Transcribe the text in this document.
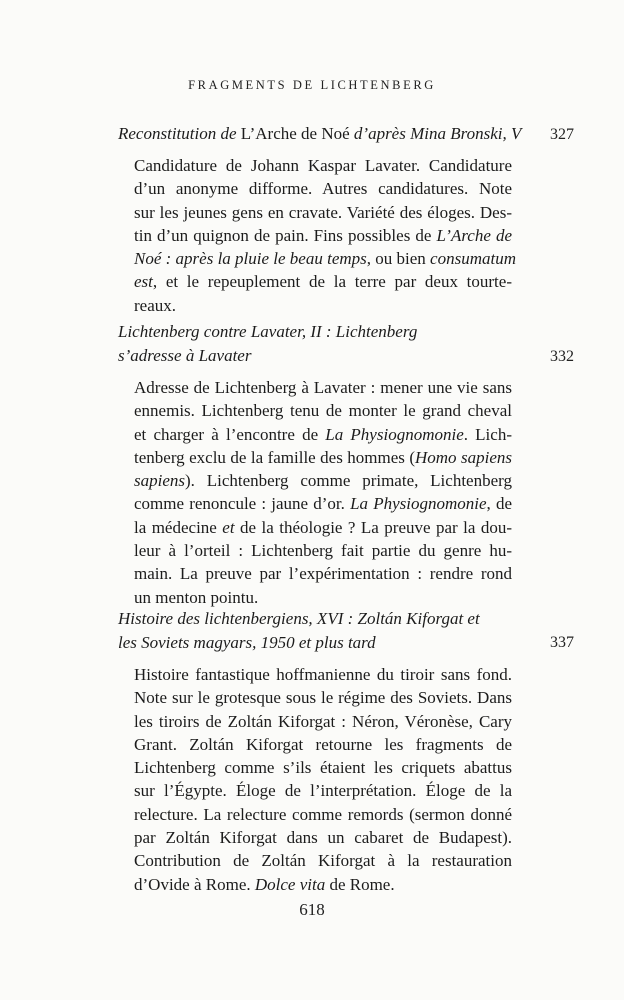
FRAGMENTS DE LICHTENBERG
Reconstitution de L’Arche de Noé d’après Mina Bronski, V
Candidature de Johann Kaspar Lavater. Candidature
d’un anonyme difforme. Autres candidatures. Note
sur les jeunes gens en cravate. Variété des éloges. Des-
tin d’un quignon de pain. Fins possibles de L’Arche de
Noé : après la pluie le beau temps, ou bien consumatum
est, et le repeuplement de la terre par deux tourte-
reaux.
327
Lichtenberg contre Lavater, II : Lichtenberg
s’adresse à Lavater
Adresse de Lichtenberg à Lavater : mener une vie sans
ennemis. Lichtenberg tenu de monter le grand cheval
et charger à l’encontre de La Physiognomonie. Lich-
tenberg exclu de la famille des hommes (Homo sapiens
sapiens). Lichtenberg comme primate, Lichtenberg
comme renoncule : jaune d’or. La Physiognomonie, de
la médecine et de la théologie ? La preuve par la dou-
leur à l’orteil : Lichtenberg fait partie du genre hu-
main. La preuve par l’expérimentation : rendre rond
un menton pointu.
332
Histoire des lichtenbergiens, XVI : Zoltán Kiforgat et
les Soviets magyars, 1950 et plus tard
Histoire fantastique hoffmanienne du tiroir sans fond.
Note sur le grotesque sous le régime des Soviets. Dans
les tiroirs de Zoltán Kiforgat : Néron, Véronèse, Cary
Grant. Zoltán Kiforgat retourne les fragments de
Lichtenberg comme s’ils étaient les criquets abattus
sur l’Égypte. Éloge de l’interprétation. Éloge de la
relecture. La relecture comme remords (sermon donné
par Zoltán Kiforgat dans un cabaret de Budapest).
Contribution de Zoltán Kiforgat à la restauration
d’Ovide à Rome. Dolce vita de Rome.
337
618
